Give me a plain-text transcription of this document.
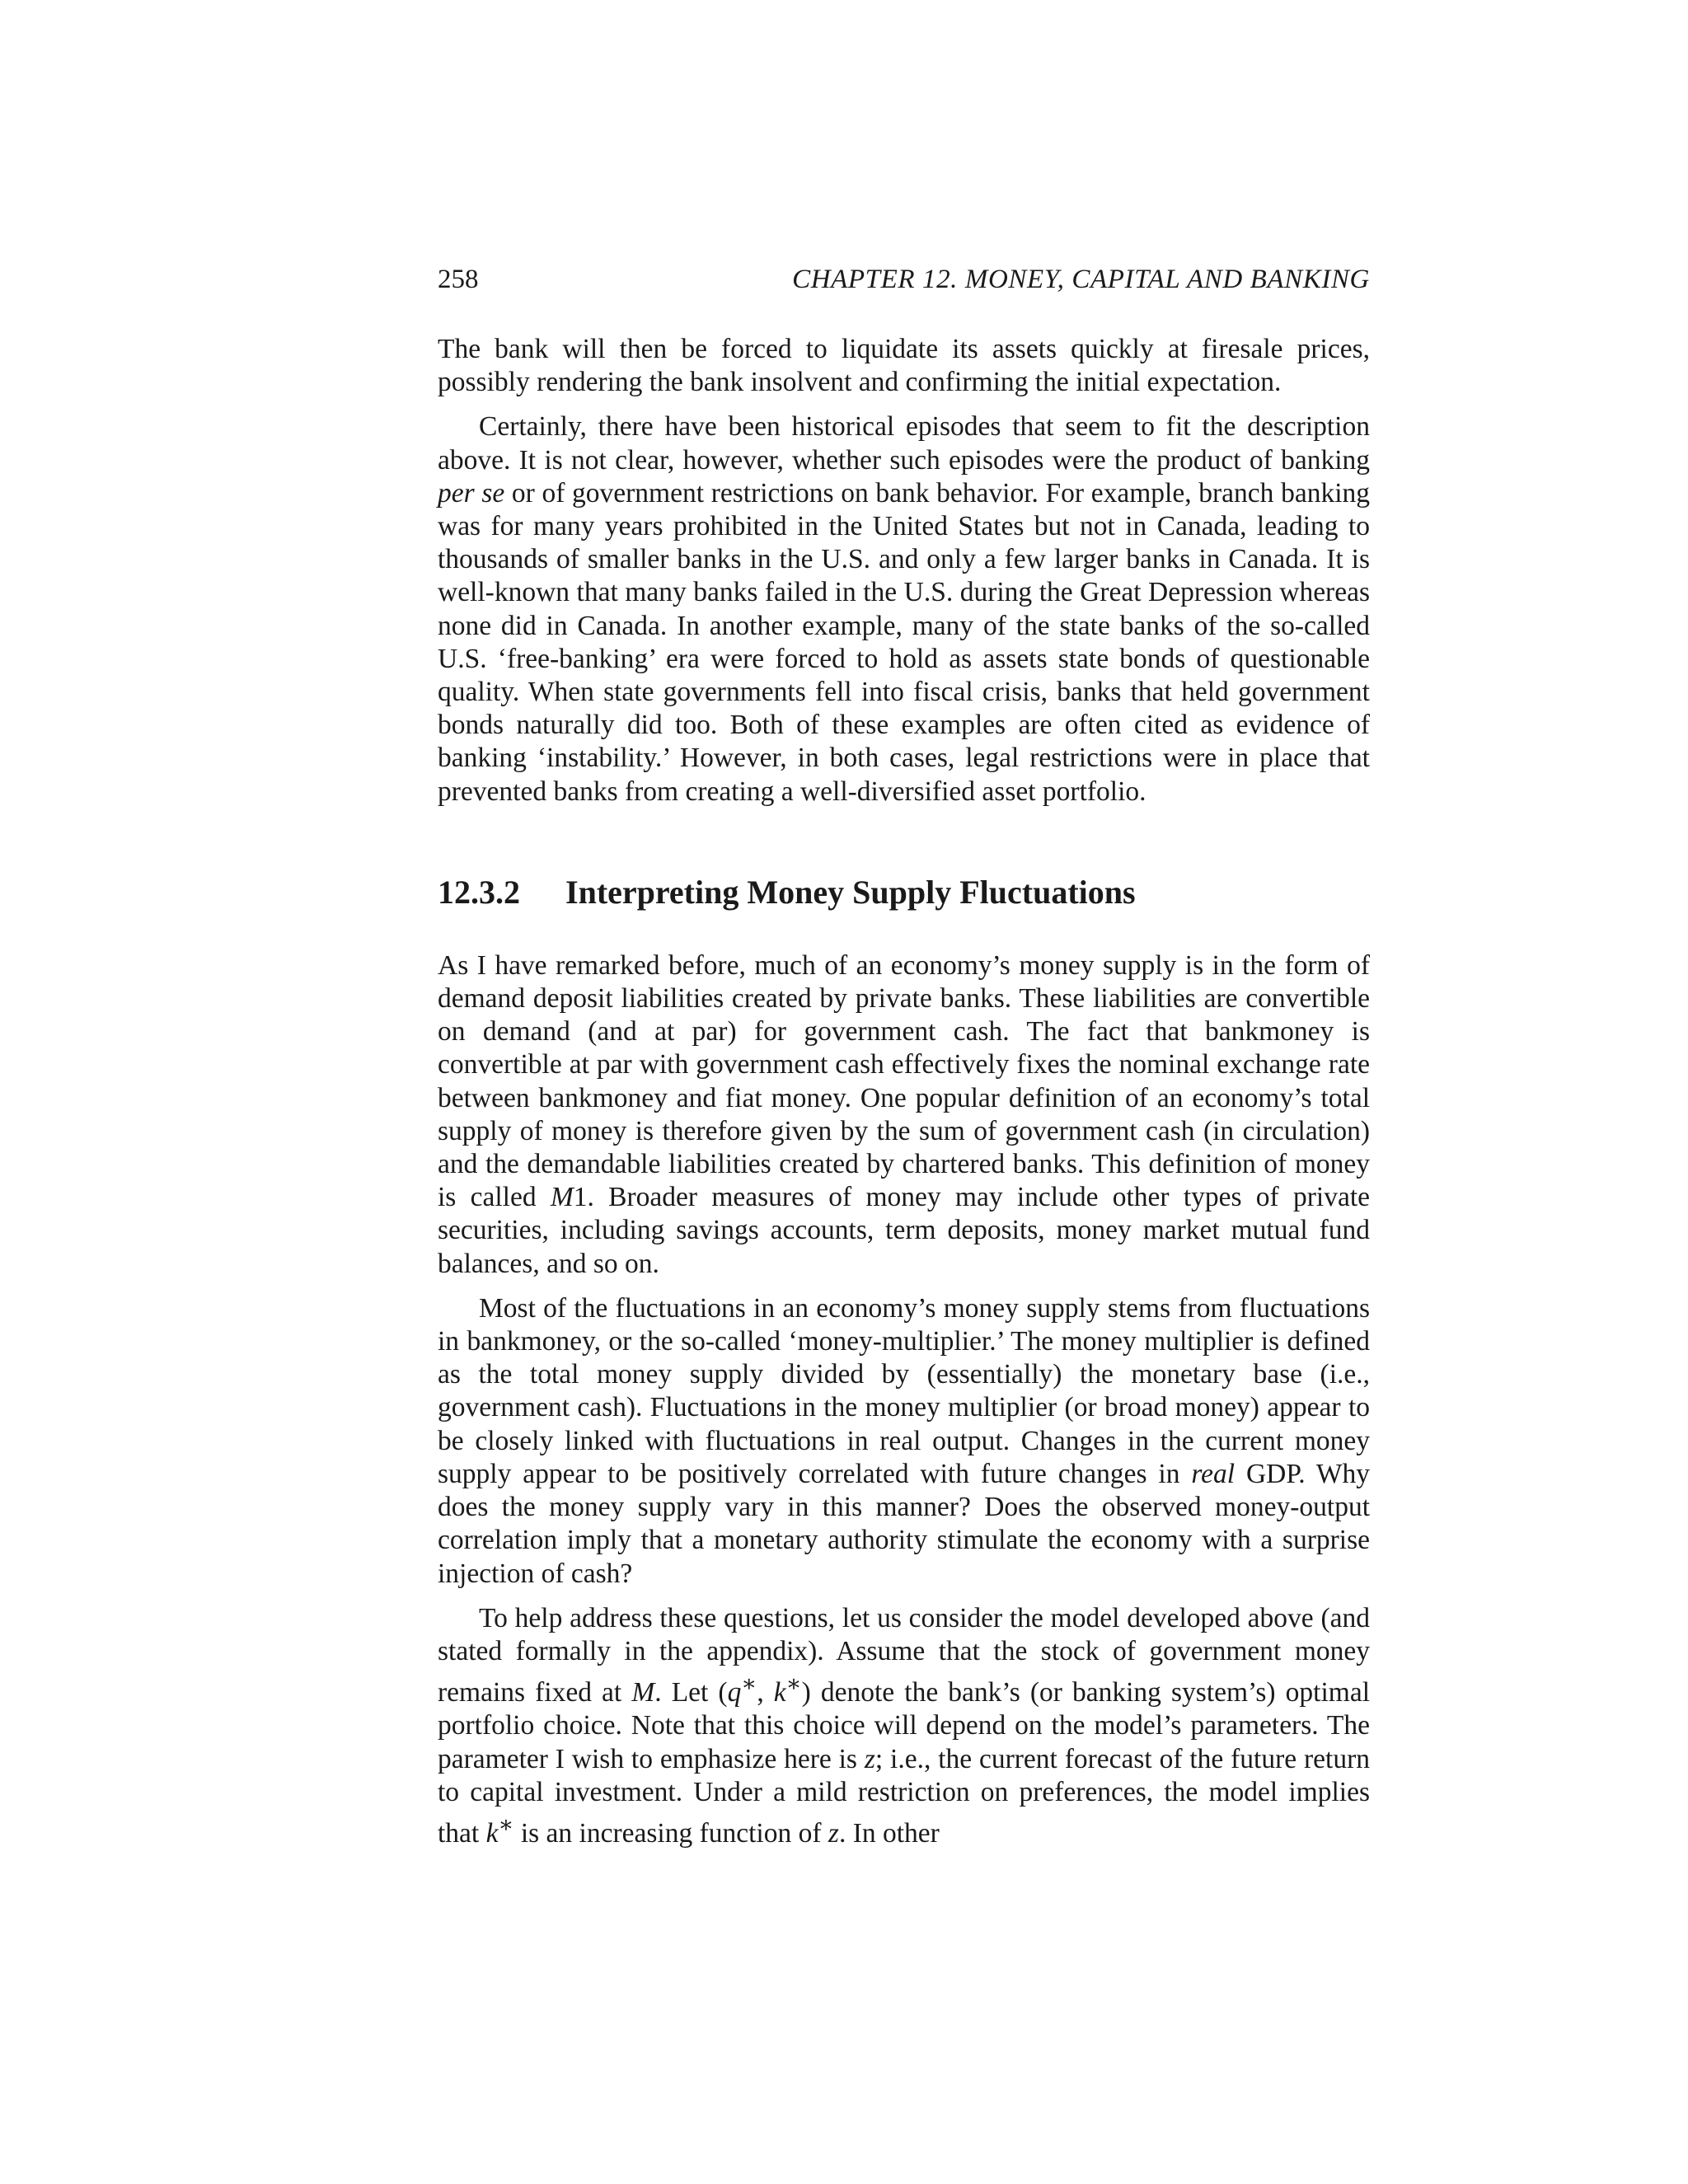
258	CHAPTER 12. MONEY, CAPITAL AND BANKING

The bank will then be forced to liquidate its assets quickly at firesale prices, possibly rendering the bank insolvent and confirming the initial expectation.

Certainly, there have been historical episodes that seem to fit the description above. It is not clear, however, whether such episodes were the product of banking per se or of government restrictions on bank behavior. For example, branch banking was for many years prohibited in the United States but not in Canada, leading to thousands of smaller banks in the U.S. and only a few larger banks in Canada. It is well-known that many banks failed in the U.S. during the Great Depression whereas none did in Canada. In another example, many of the state banks of the so-called U.S. ‘free-banking’ era were forced to hold as assets state bonds of questionable quality. When state governments fell into fiscal crisis, banks that held government bonds naturally did too. Both of these examples are often cited as evidence of banking ‘instability.’ However, in both cases, legal restrictions were in place that prevented banks from creating a well-diversified asset portfolio.

12.3.2 Interpreting Money Supply Fluctuations

As I have remarked before, much of an economy’s money supply is in the form of demand deposit liabilities created by private banks. These liabilities are convertible on demand (and at par) for government cash. The fact that bankmoney is convertible at par with government cash effectively fixes the nominal exchange rate between bankmoney and fiat money. One popular definition of an economy’s total supply of money is therefore given by the sum of government cash (in circulation) and the demandable liabilities created by chartered banks. This definition of money is called M1. Broader measures of money may include other types of private securities, including savings accounts, term deposits, money market mutual fund balances, and so on.

Most of the fluctuations in an economy’s money supply stems from fluctuations in bankmoney, or the so-called ‘money-multiplier.’ The money multiplier is defined as the total money supply divided by (essentially) the monetary base (i.e., government cash). Fluctuations in the money multiplier (or broad money) appear to be closely linked with fluctuations in real output. Changes in the current money supply appear to be positively correlated with future changes in real GDP. Why does the money supply vary in this manner? Does the observed money-output correlation imply that a monetary authority stimulate the economy with a surprise injection of cash?

To help address these questions, let us consider the model developed above (and stated formally in the appendix). Assume that the stock of government money remains fixed at M. Let (q∗, k∗) denote the bank’s (or banking system’s) optimal portfolio choice. Note that this choice will depend on the model’s parameters. The parameter I wish to emphasize here is z; i.e., the current forecast of the future return to capital investment. Under a mild restriction on preferences, the model implies that k∗ is an increasing function of z. In other
